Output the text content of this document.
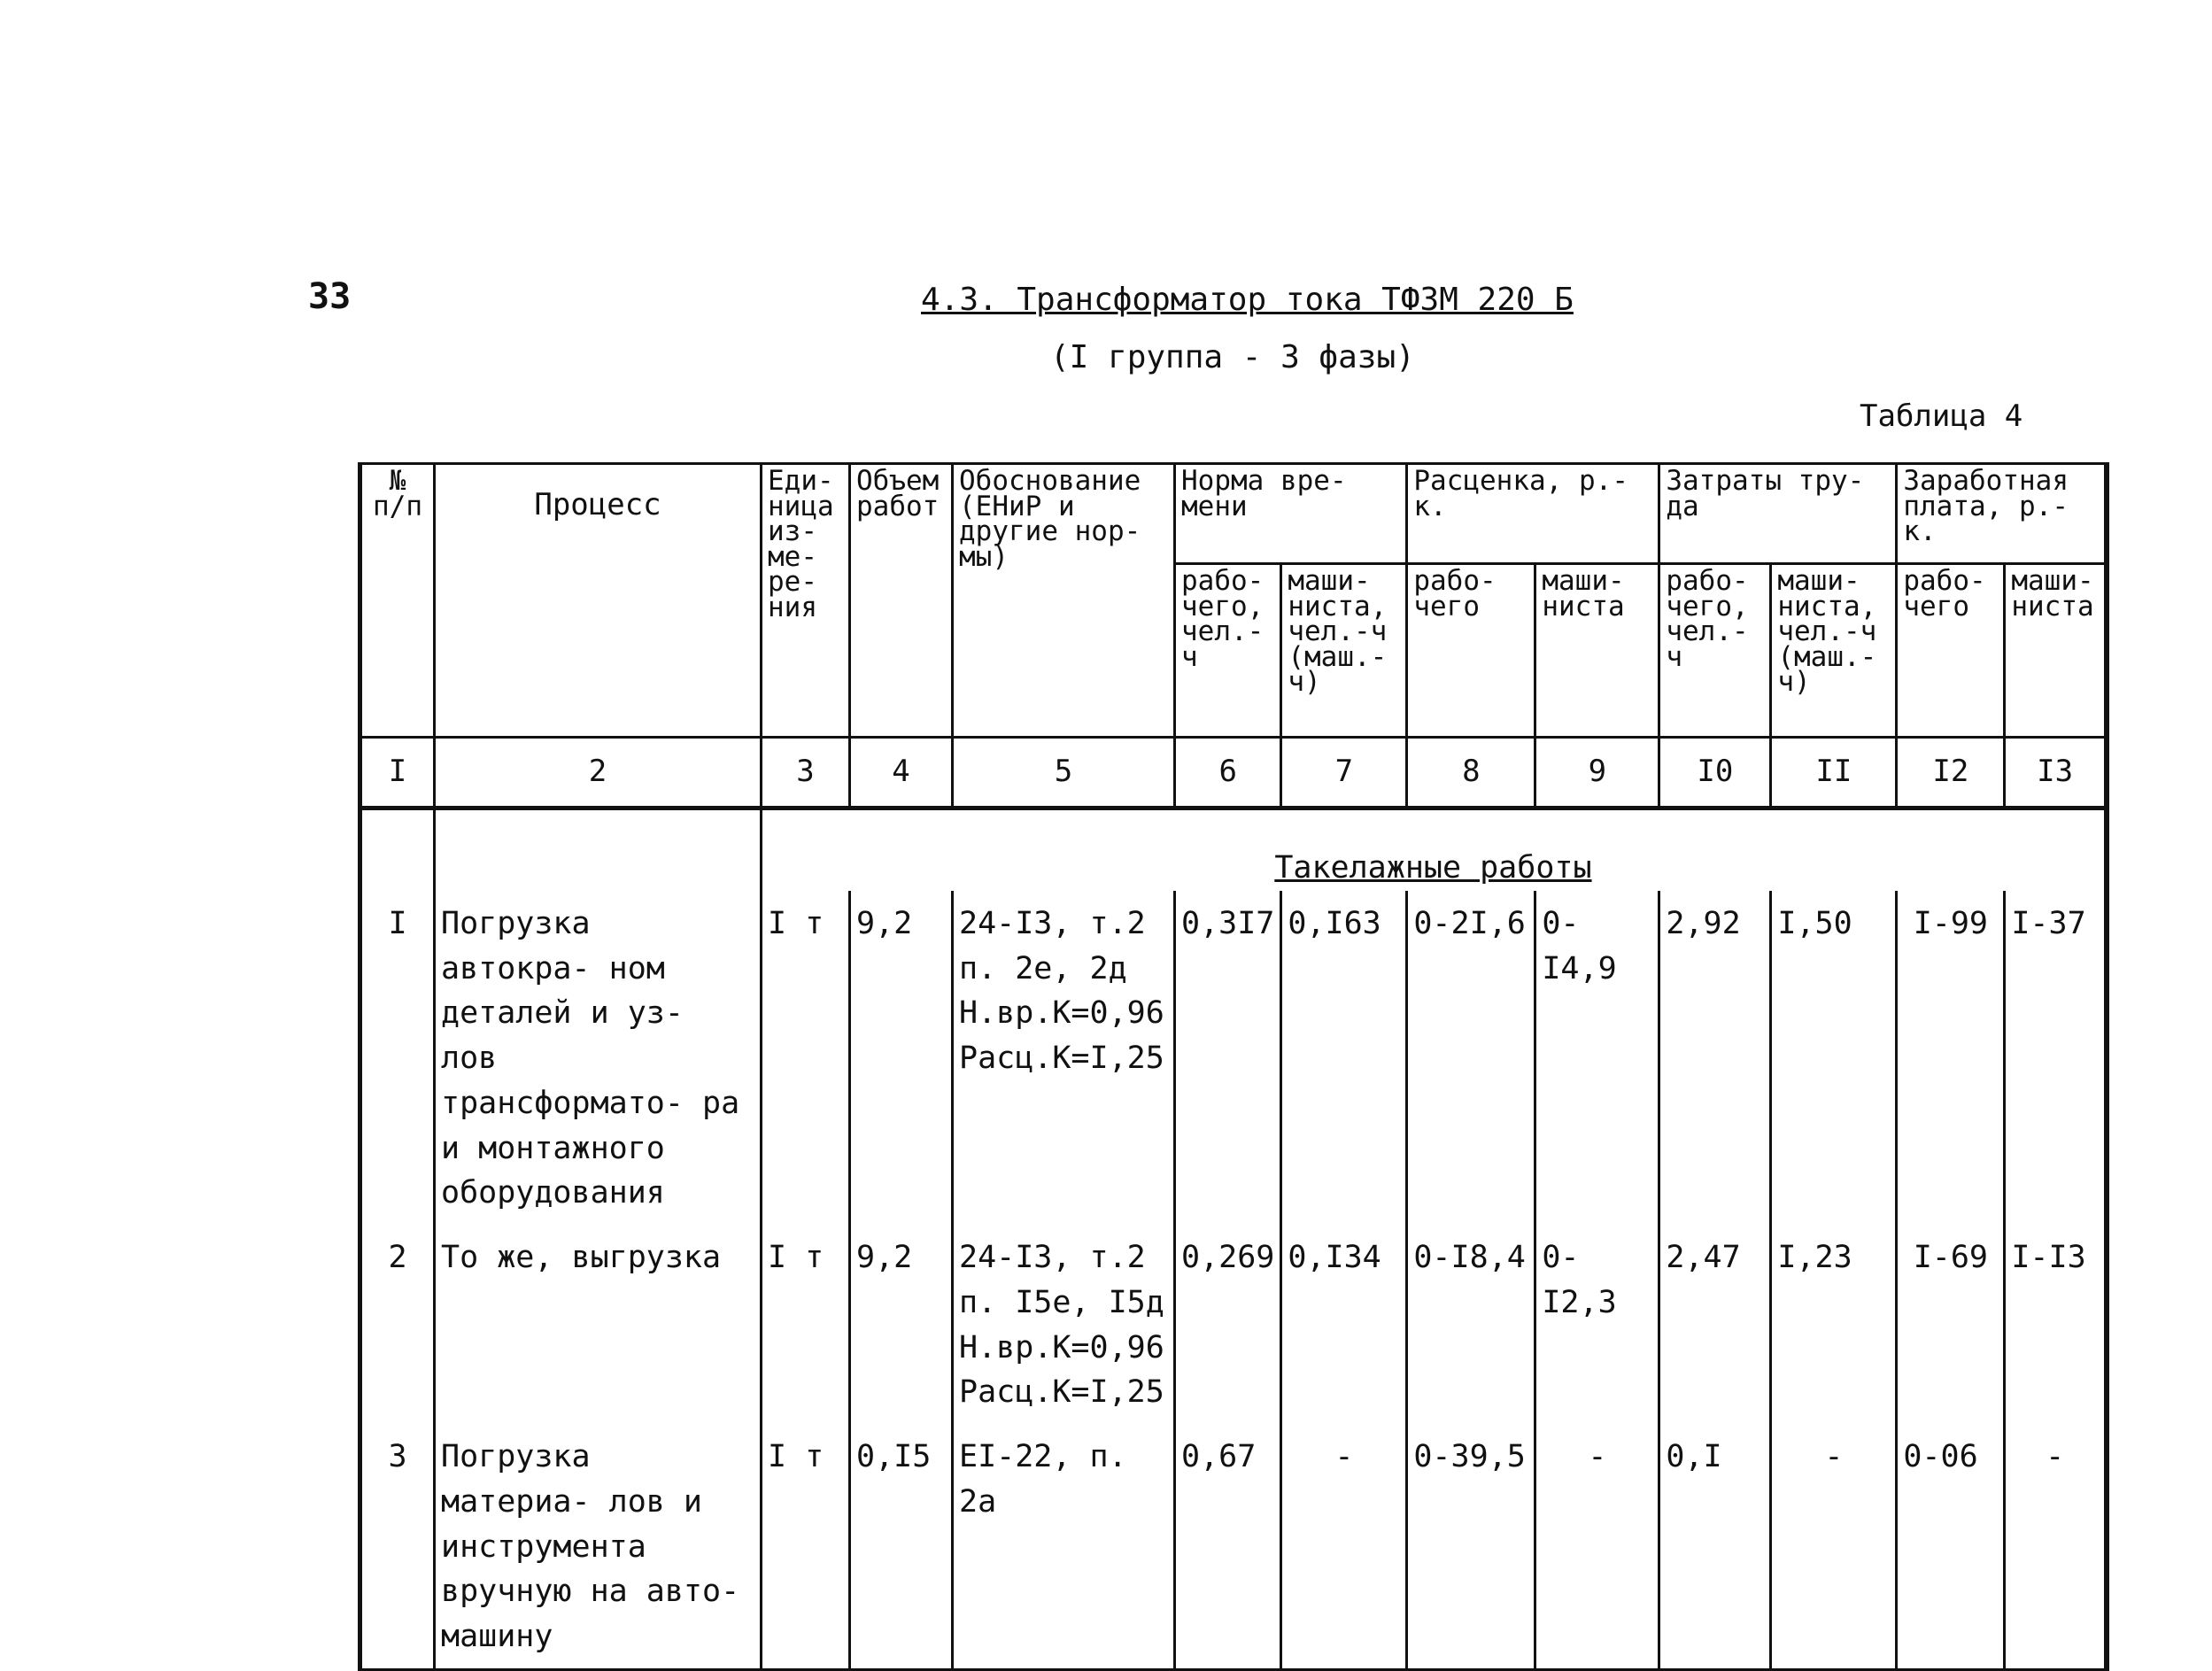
33	4.3. Трансформатор тока ТФЗМ 220 Б
(I группа - 3 фазы)
Таблица 4
№ п/п	Процесс	Еди- ница из- ме- ре- ния	Объем работ	Обоснование (ЕНиР и другие нор- мы)	Норма вре- мени		Расценка, р.-к.		Затраты тру- да		Заработная плата, р.-к.	
					рабо- чего, чел.- ч	маши- ниста, чел.-ч (маш.- ч)	рабо- чего	маши- ниста	рабо- чего, чел.- ч	маши- ниста, чел.-ч (маш.- ч)	рабо- чего	маши- ниста
I	2	3	4	5	6	7	8	9	I0	II	I2	I3
		Такелажные работы										
I	Погрузка автокра- ном деталей и уз- лов трансформато- ра и монтажного оборудования	I т	9,2	24-I3, т.2 п. 2е, 2д Н.вр.К=0,96 Расц.К=I,25	0,3I7	0,I63	0-2I,6	0-I4,9	2,92	I,50	I-99	I-37
2	То же, выгрузка	I т	9,2	24-I3, т.2 п. I5е, I5д Н.вр.К=0,96 Расц.К=I,25	0,269	0,I34	0-I8,4	0-I2,3	2,47	I,23	I-69	I-I3
3	Погрузка материа- лов и инструмента вручную на авто- машину	I т	0,I5	ЕI-22, п. 2а	0,67	-	0-39,5	-	0,I	-	0-06	-
